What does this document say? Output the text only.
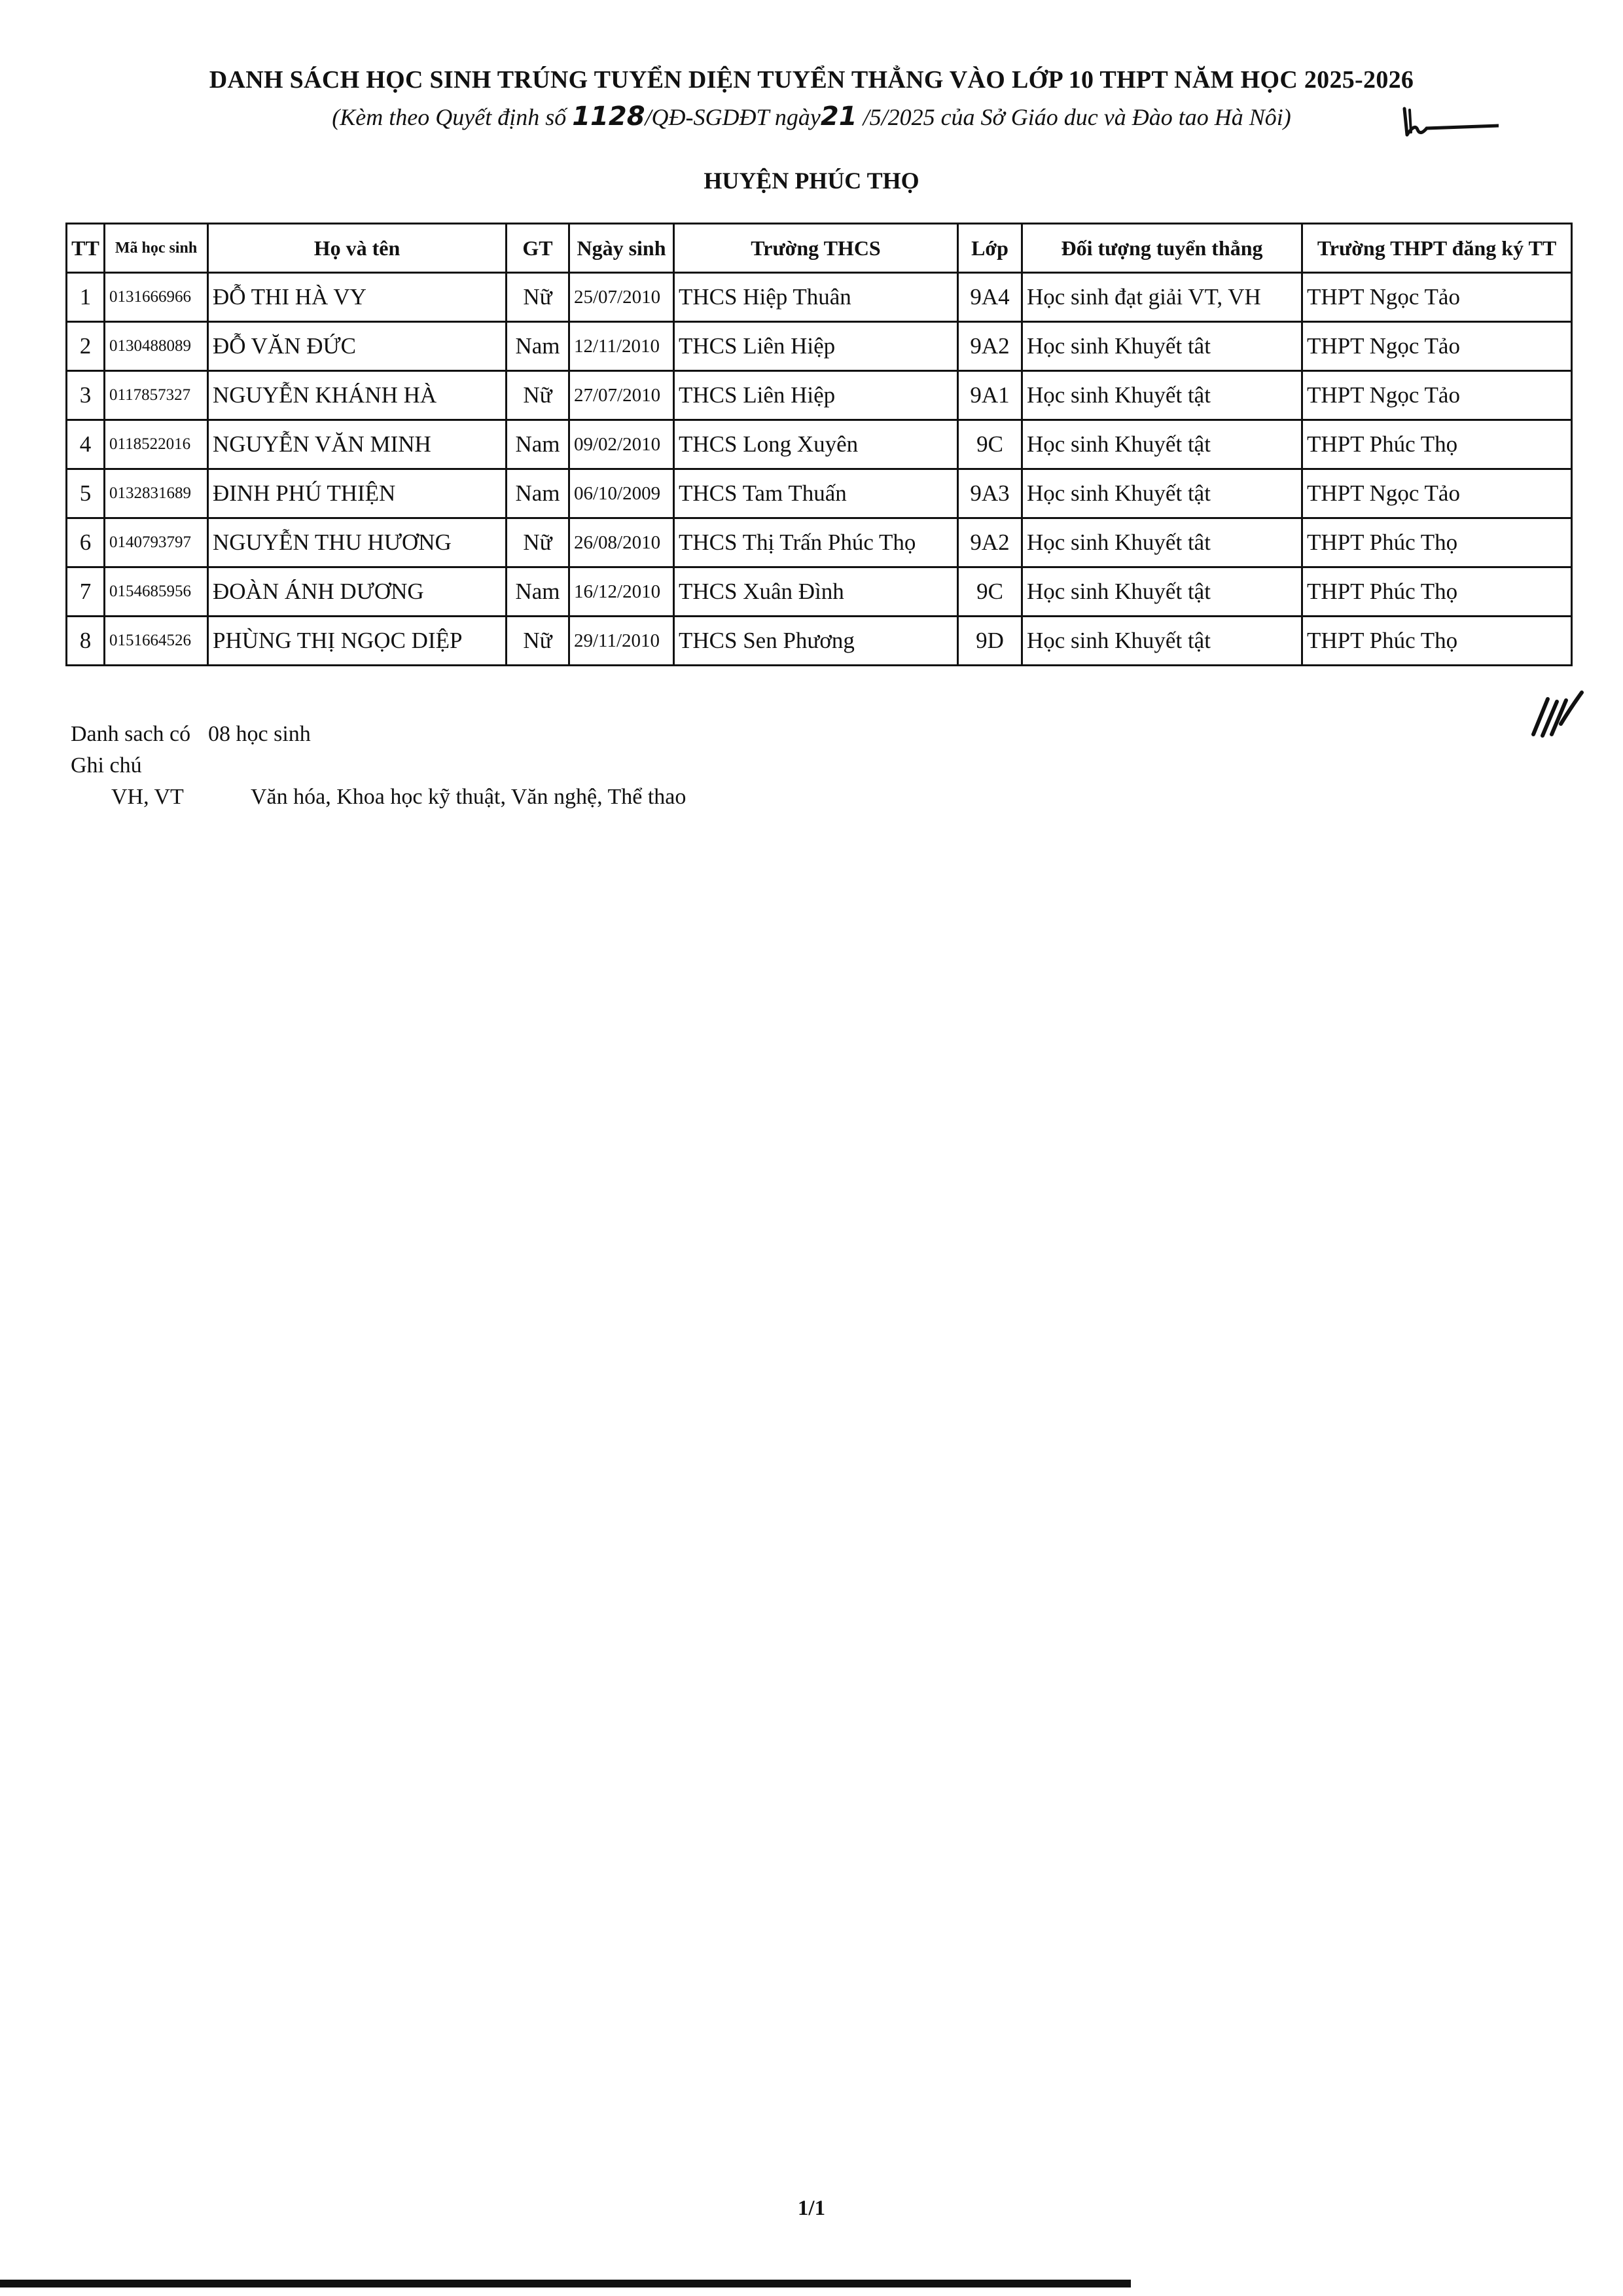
DANH SÁCH HỌC SINH TRÚNG TUYỂN DIỆN TUYỂN THẲNG VÀO LỚP 10 THPT NĂM HỌC 2025-2026
(Kèm theo Quyết định số 1128/QĐ-SGDĐT ngày21 /5/2025 của Sở Giáo duc và Đào tao Hà Nôi)
HUYỆN PHÚC THỌ
TT	Mã học sinh	Họ và tên	GT	Ngày sinh	Trường THCS	Lớp	Đối tượng tuyển thẳng	Trường THPT đăng ký TT
1	0131666966	ĐỖ THI HÀ VY	Nữ	25/07/2010	THCS Hiệp Thuân	9A4	Học sinh đạt giải VT, VH	THPT Ngọc Tảo
2	0130488089	ĐỖ VĂN ĐỨC	Nam	12/11/2010	THCS Liên Hiệp	9A2	Học sinh Khuyết tât	THPT Ngọc Tảo
3	0117857327	NGUYỄN KHÁNH HÀ	Nữ	27/07/2010	THCS Liên Hiệp	9A1	Học sinh Khuyết tật	THPT Ngọc Tảo
4	0118522016	NGUYỄN VĂN MINH	Nam	09/02/2010	THCS Long Xuyên	9C	Học sinh Khuyết tật	THPT Phúc Thọ
5	0132831689	ĐINH PHÚ THIỆN	Nam	06/10/2009	THCS Tam Thuấn	9A3	Học sinh Khuyết tật	THPT Ngọc Tảo
6	0140793797	NGUYỄN THU HƯƠNG	Nữ	26/08/2010	THCS Thị Trấn Phúc Thọ	9A2	Học sinh Khuyết tât	THPT Phúc Thọ
7	0154685956	ĐOÀN ÁNH DƯƠNG	Nam	16/12/2010	THCS Xuân Đình	9C	Học sinh Khuyết tật	THPT Phúc Thọ
8	0151664526	PHÙNG THỊ NGỌC DIỆP	Nữ	29/11/2010	THCS Sen Phương	9D	Học sinh Khuyết tật	THPT Phúc Thọ
Danh sach có 08 học sinh
Ghi chú
VH, VT	Văn hóa, Khoa học kỹ thuật, Văn nghệ, Thể thao
1/1
